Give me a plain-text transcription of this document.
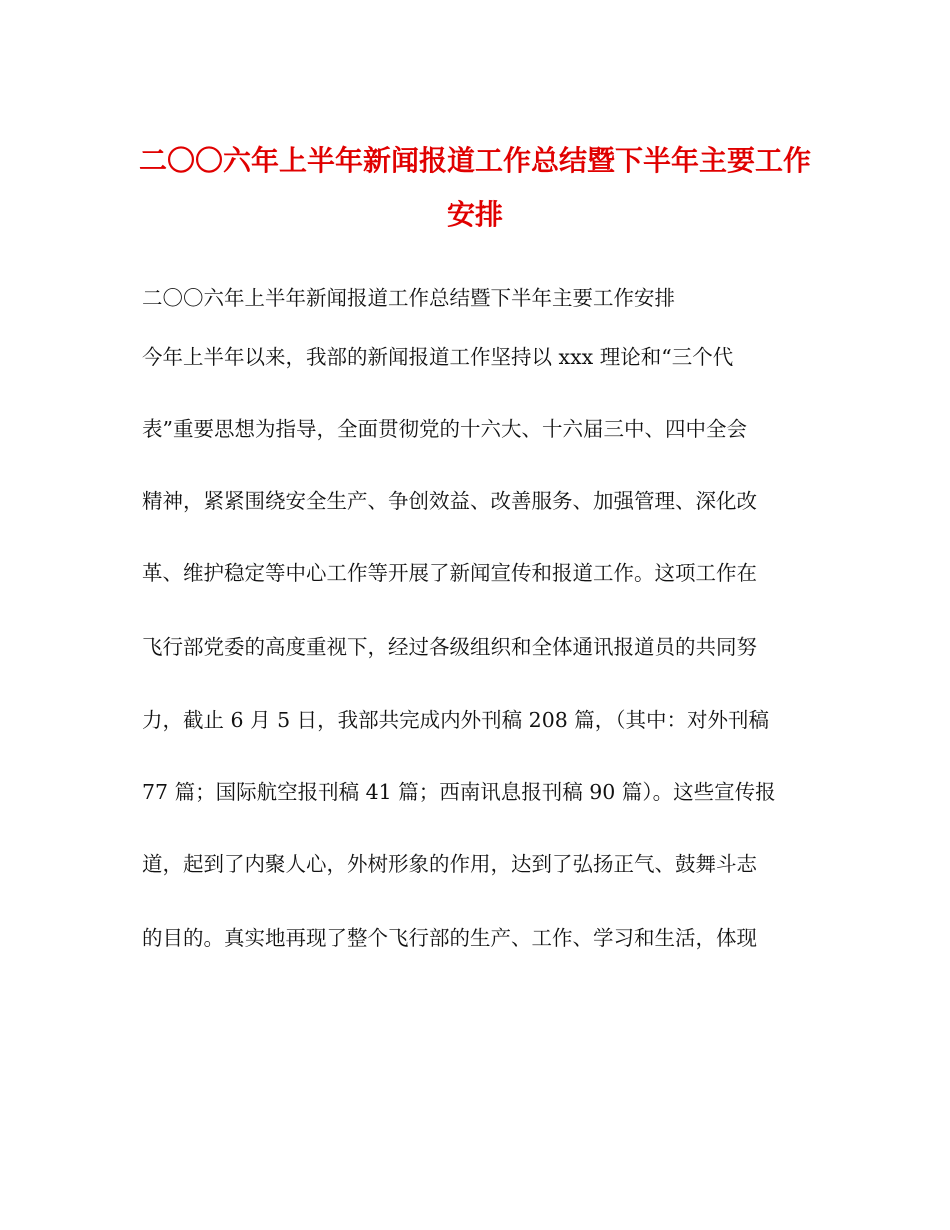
二〇〇六年上半年新闻报道工作总结暨下半年主要工作
安排

二〇〇六年上半年新闻报道工作总结暨下半年主要工作安排

今年上半年以来，我部的新闻报道工作坚持以 xxx 理论和“三个代

表”重要思想为指导，全面贯彻党的十六大、十六届三中、四中全会

精神，紧紧围绕安全生产、争创效益、改善服务、加强管理、深化改

革、维护稳定等中心工作等开展了新闻宣传和报道工作。这项工作在

飞行部党委的高度重视下，经过各级组织和全体通讯报道员的共同努

力，截止 6 月 5 日，我部共完成内外刊稿 208 篇，（其中：对外刊稿

77 篇；国际航空报刊稿 41 篇；西南讯息报刊稿 90 篇）。这些宣传报

道，起到了内聚人心，外树形象的作用，达到了弘扬正气、鼓舞斗志

的目的。真实地再现了整个飞行部的生产、工作、学习和生活，体现
